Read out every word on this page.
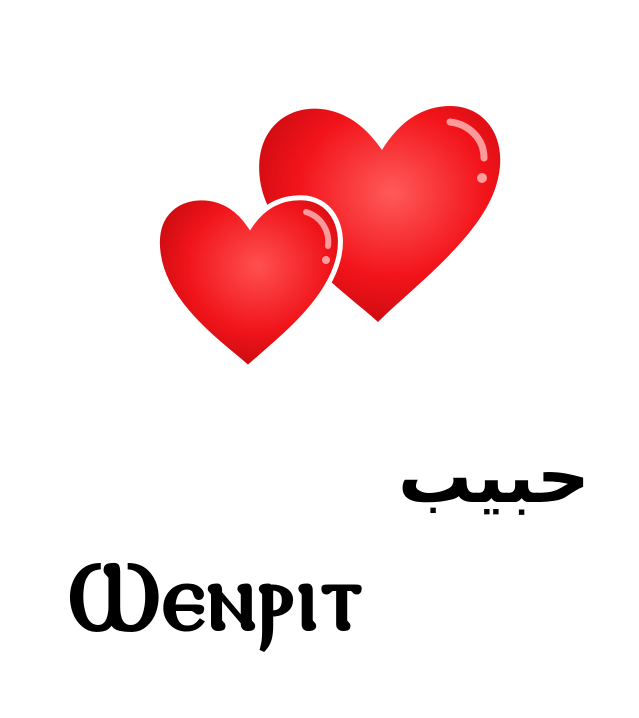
حبيب
Ⲱⲉⲛⲣⲓⲧ
